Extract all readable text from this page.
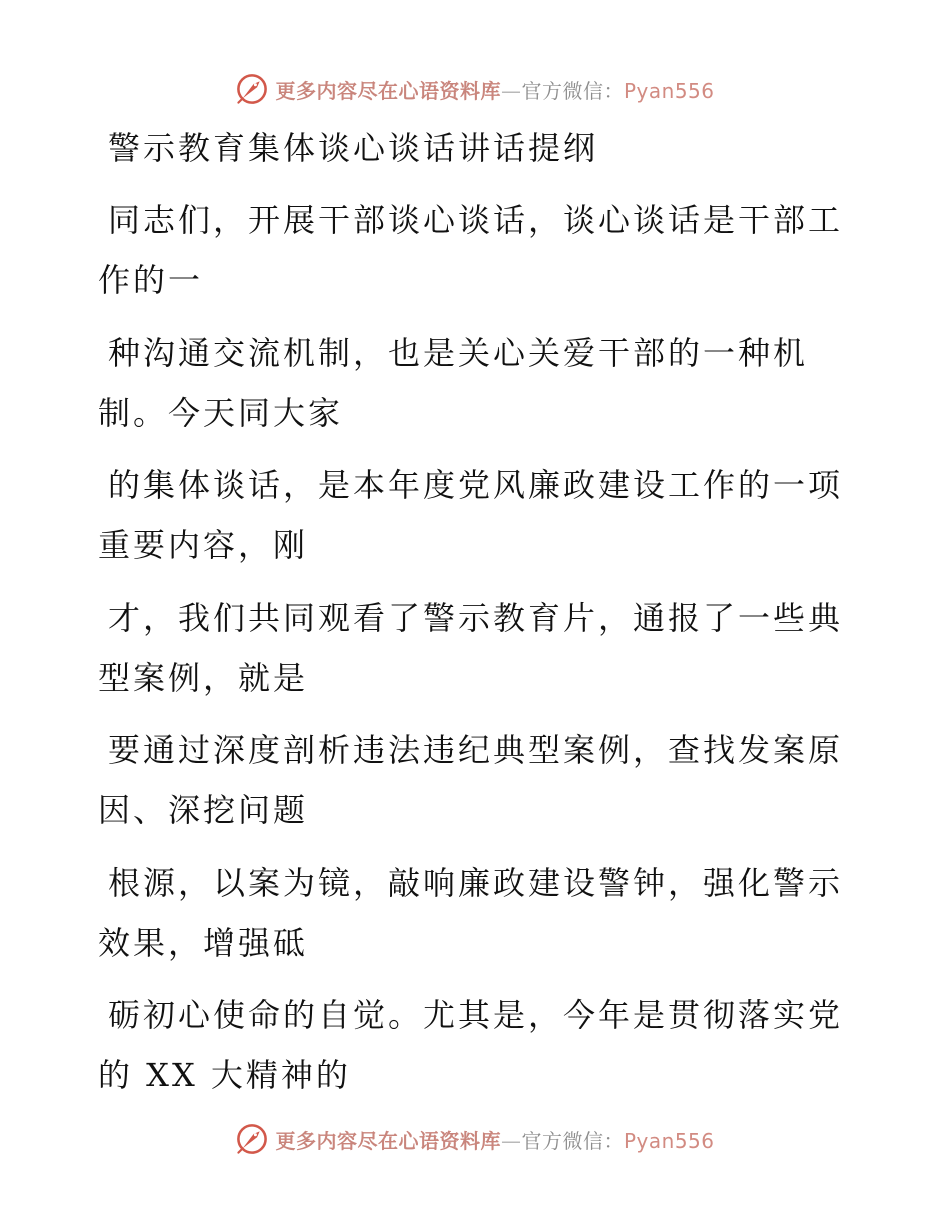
更多内容尽在心语资料库—官方微信：Pyan556
警示教育集体谈心谈话讲话提纲
同志们，开展干部谈心谈话，谈心谈话是干部工
作的一
种沟通交流机制，也是关心关爱干部的一种机
制。今天同大家
的集体谈话，是本年度党风廉政建设工作的一项
重要内容，刚
才，我们共同观看了警示教育片，通报了一些典
型案例，就是
要通过深度剖析违法违纪典型案例，查找发案原
因、深挖问题
根源，以案为镜，敲响廉政建设警钟，强化警示
效果，增强砥
砺初心使命的自觉。尤其是，今年是贯彻落实党
的 XX 大精神的
更多内容尽在心语资料库—官方微信：Pyan556
